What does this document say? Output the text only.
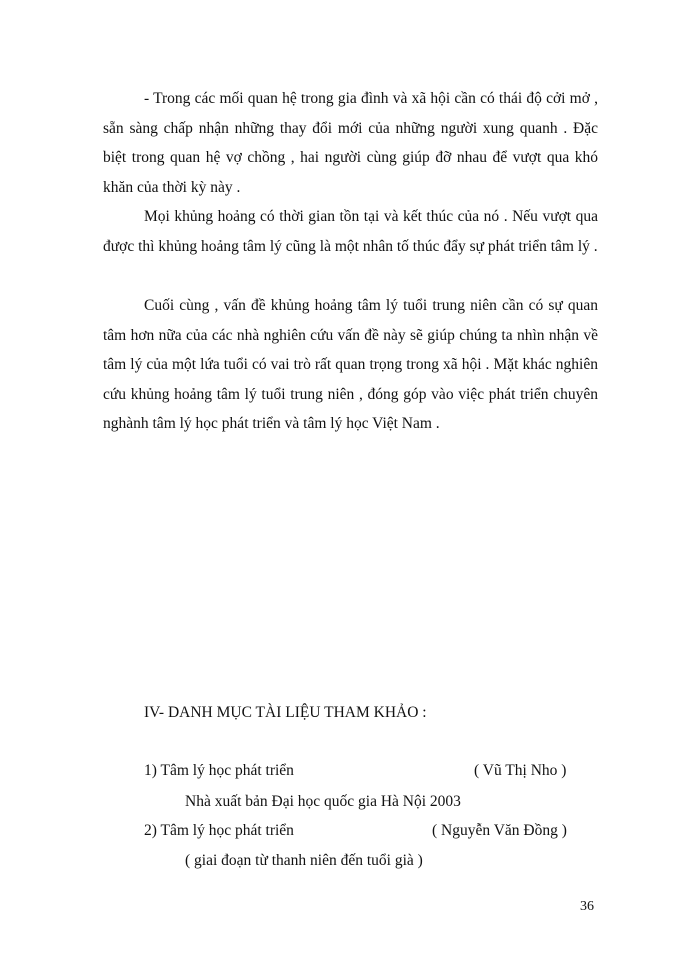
- Trong các mối quan hệ trong gia đình và xã hội cần có thái độ cởi mở , sẵn sàng chấp nhận những thay đổi mới của những người xung quanh . Đặc biệt trong quan hệ vợ chồng , hai người cùng giúp đỡ nhau để vượt qua khó khăn của thời kỳ này .

Mọi khủng hoảng có thời gian tồn tại và kết thúc của nó . Nếu vượt qua được thì khủng hoảng tâm lý cũng là một nhân tố thúc đẩy sự phát triển tâm lý .

Cuối cùng , vấn đề khủng hoảng tâm lý tuổi trung niên cần có sự quan tâm hơn nữa của các nhà nghiên cứu vấn đề này sẽ giúp chúng ta nhìn nhận về tâm lý của một lứa tuổi có vai trò rất quan trọng trong xã hội . Mặt khác nghiên cứu khủng hoảng tâm lý tuổi trung niên , đóng góp vào việc phát triển chuyên nghành tâm lý học phát triển và tâm lý học Việt Nam .

IV- DANH MỤC TÀI LIỆU THAM KHẢO :

1) Tâm lý học phát triển	( Vũ Thị Nho )
Nhà xuất bản Đại học quốc gia Hà Nội 2003
2) Tâm lý học phát triển	( Nguyễn Văn Đồng )
( giai đoạn từ thanh niên đến tuổi già )
36
